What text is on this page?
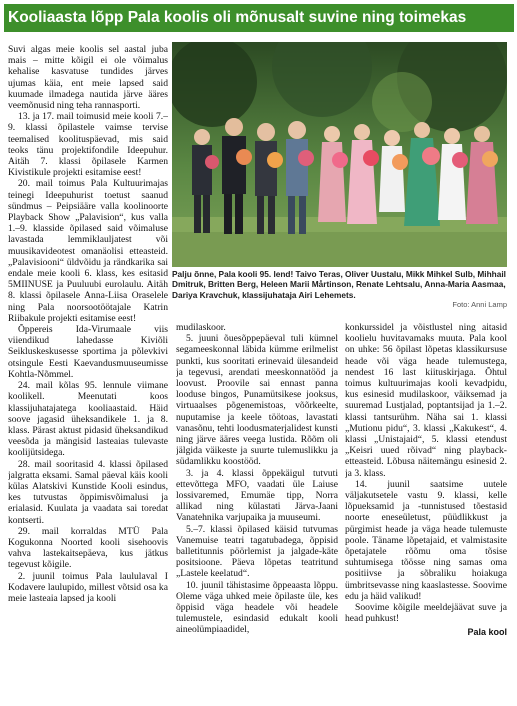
Kooliaasta lõpp Pala koolis oli mõnusalt suvine ning toimekas

Suvi algas meie koolis sel aastal juba mais – mitte kõigil ei ole võimalus kehalise kasvatuse tundides järves ujumas käia, ent meie lapsed said kuumade ilmadega nautida järve ääres veemõnusid ning teha rannasporti.

13. ja 17. mail toimusid meie kooli 7.–9. klassi õpilastele vaimse tervise teemalised koolituspäevad, mis said teoks tänu projektifondile Ideepuhur. Aitäh 7. klassi õpilasele Karmen Kivistikule projekti esitamise eest!

20. mail toimus Pala Kultuurimajas teinegi Ideepuhurist toetust saanud sündmus – Peipsiääre valla koolinoorte Playback Show „Palavision“, kus valla 1.–9. klasside õpilased said võimaluse lavastada lemmiklauljatest või muusikavideotest omanäolisi etteasteid. „Palavisiooni“ üldvõidu ja rändkarika sai endale meie kooli 6. klass, kes esitasid 5MIINUSE ja Puuluubi eurolaulu. Aitäh 8. klassi õpilasele Anna-Liisa Oraselele ning Pala noorsootöötajale Katrin Riibakule projekti esitamise eest!

Õppereis Ida-Virumaale viis viiendikud lahedasse Kiviõli Seikluskeskusesse sportima ja põlevkivi otsingule Eesti Kaevandusmuuseumisse Kohtla-Nõmmel.

24. mail kõlas 95. lennule viimane koolikell. Meenutati koos klassijuhatajatega kooliaastaid. Häid soove jagasid üheksandikele 1. ja 8. klass. Pärast aktust pidasid üheksandikud veesõda ja mängisid lasteaias tulevaste koolijütsidega.

28. mail sooritasid 4. klassi õpilased jalgratta eksami. Samal päeval käis kooli külas Alatskivi Kunstide Kooli esindus, kes tutvustas õppimisvõimalusi ja erialasid. Kuulata ja vaadata sai toredat kontserti.

29. mail korraldas MTÜ Pala Kogukonna Noorted kooli sisehoovis vahva lastekaitsepäeva, kus jätkus tegevust kõigile.

2. juunil toimus Pala laululaval I Kodavere laulupido, millest võtsid osa ka meie lasteaia lapsed ja kooli

Palju õnne, Pala kooli 95. lend! Taivo Teras, Oliver Uustalu, Mikk Mihkel Sulb, Mihhail Dmitruk, Britten Berg, Heleen Marii Mårtinson, Renate Lehtsalu, Anna-Maria Aasmaa, Dariya Kravchuk, klassijuhataja Airi Lehemets.
Foto: Anni Lamp

mudilaskoor.

5. juuni õuesõppepäeval tuli kümnel segameeskonnal läbida kümme erilmelist punkti, kus sooritati erinevaid ülesandeid ja tegevusi, arendati meeskonnatööd ja loovust. Proovile sai ennast panna looduse bingos, Punamütsikese jooksus, virtuaalses põgenemistoas, võõrkeelte, nuputamise ja keele töötoas, lavastati vanasõnu, tehti loodusmaterjalidest kunsti ning järve ääres veega lustida. Rõõm oli jälgida väikeste ja suurte tulemuslikku ja südamlikku koostööd.

3. ja 4. klassi õppekäigul tutvuti ettevõttega MFO, vaadati üle Laiuse lossivaremed, Emumäe tipp, Norra allikad ning külastati Järva-Jaani Vanatehnika varjupaika ja muuseumi.

5.–7. klassi õpilased käisid tutvumas Vanemuise teatri tagatubadega, õppisid balletitunnis pöörlemist ja jalgade-käte positsioone. Päeva lõpetas teatritund „Lastele keelatud“.

10. juunil tähistasime õppeaasta lõppu. Oleme väga uhked meie õpilaste üle, kes õppisid väga headele või headele tulemustele, esindasid edukalt kooli aineolümpiaadidel,

konkurssidel ja võistlustel ning aitasid koolielu huvitavamaks muuta. Pala kool on uhke: 56 õpilast lõpetas klassikursuse heade või väga heade tulemustega, nendest 16 last kiituskirjaga. Õhtul toimus kultuurimajas kooli kevadpidu, kus esinesid mudilaskoor, väiksemad ja suuremad Lustjalad, poptantsijad ja 1.–2. klassi tantsurühm. Näha sai 1. klassi „Mutionu pidu“, 3. klassi „Kakukest“, 4. klassi „Unistajaid“, 5. klassi etendust „Keisri uued rõivad“ ning playback-etteasteid. Lõbusa näitemängu esinesid 2. ja 3. klass.

14. juunil saatsime uutele väljakutsetele vastu 9. klassi, kelle lõpueksamid ja -tunnistused tõestasid noorte eneseületust, püüdlikkust ja pürgimist heade ja väga heade tulemuste poole. Täname lõpetajaid, et valmistasite õpetajatele rõõmu oma tõsise suhtumisega tõösse ning samas oma positiivse ja sõbraliku hoiakuga ümbritsevasse ning kaaslastesse. Soovime edu ja häid valikud!

Soovime kõigile meeldejäävat suve ja head puhkust!

Pala kool
